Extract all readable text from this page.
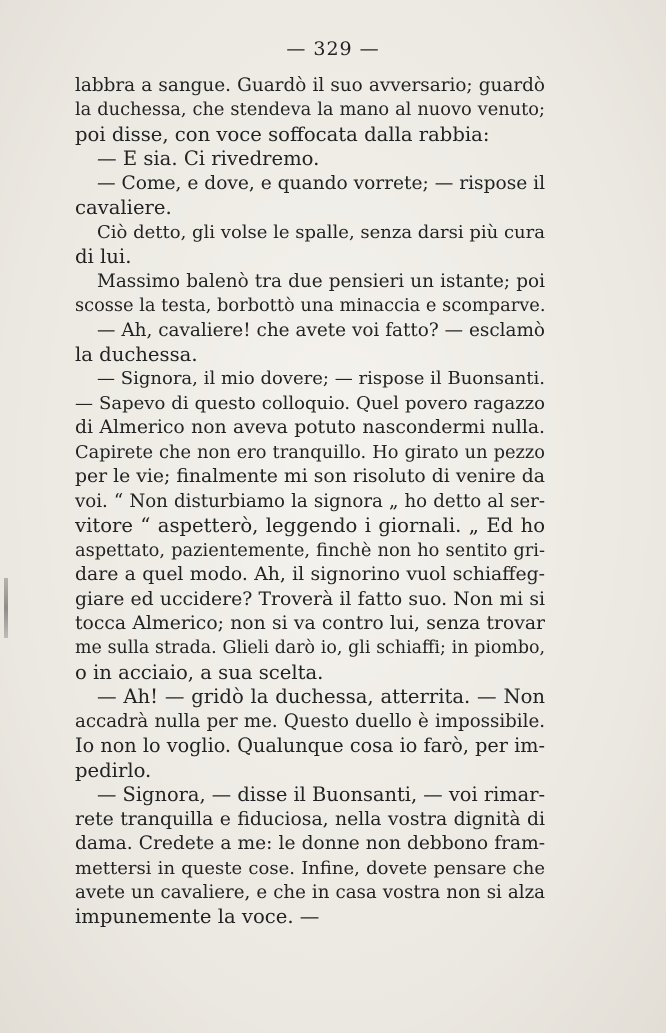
— 329 —
labbra a sangue. Guardò il suo avversario; guardò
la duchessa, che stendeva la mano al nuovo venuto;
poi disse, con voce soffocata dalla rabbia:
— E sia. Ci rivedremo.
— Come, e dove, e quando vorrete; — rispose il
cavaliere.
Ciò detto, gli volse le spalle, senza darsi più cura
di lui.
Massimo balenò tra due pensieri un istante; poi
scosse la testa, borbottò una minaccia e scomparve.
— Ah, cavaliere! che avete voi fatto? — esclamò
la duchessa.
— Signora, il mio dovere; — rispose il Buonsanti.
— Sapevo di questo colloquio. Quel povero ragazzo
di Almerico non aveva potuto nascondermi nulla.
Capirete che non ero tranquillo. Ho girato un pezzo
per le vie; finalmente mi son risoluto di venire da
voi. “ Non disturbiamo la signora „ ho detto al ser-
vitore “ aspetterò, leggendo i giornali. „ Ed ho
aspettato, pazientemente, finchè non ho sentito gri-
dare a quel modo. Ah, il signorino vuol schiaffeg-
giare ed uccidere? Troverà il fatto suo. Non mi si
tocca Almerico; non si va contro lui, senza trovar
me sulla strada. Glieli darò io, gli schiaffi; in piombo,
o in acciaio, a sua scelta.
— Ah! — gridò la duchessa, atterrita. — Non
accadrà nulla per me. Questo duello è impossibile.
Io non lo voglio. Qualunque cosa io farò, per im-
pedirlo.
— Signora, — disse il Buonsanti, — voi rimar-
rete tranquilla e fiduciosa, nella vostra dignità di
dama. Credete a me: le donne non debbono fram-
mettersi in queste cose. Infine, dovete pensare che
avete un cavaliere, e che in casa vostra non si alza
impunemente la voce. —
